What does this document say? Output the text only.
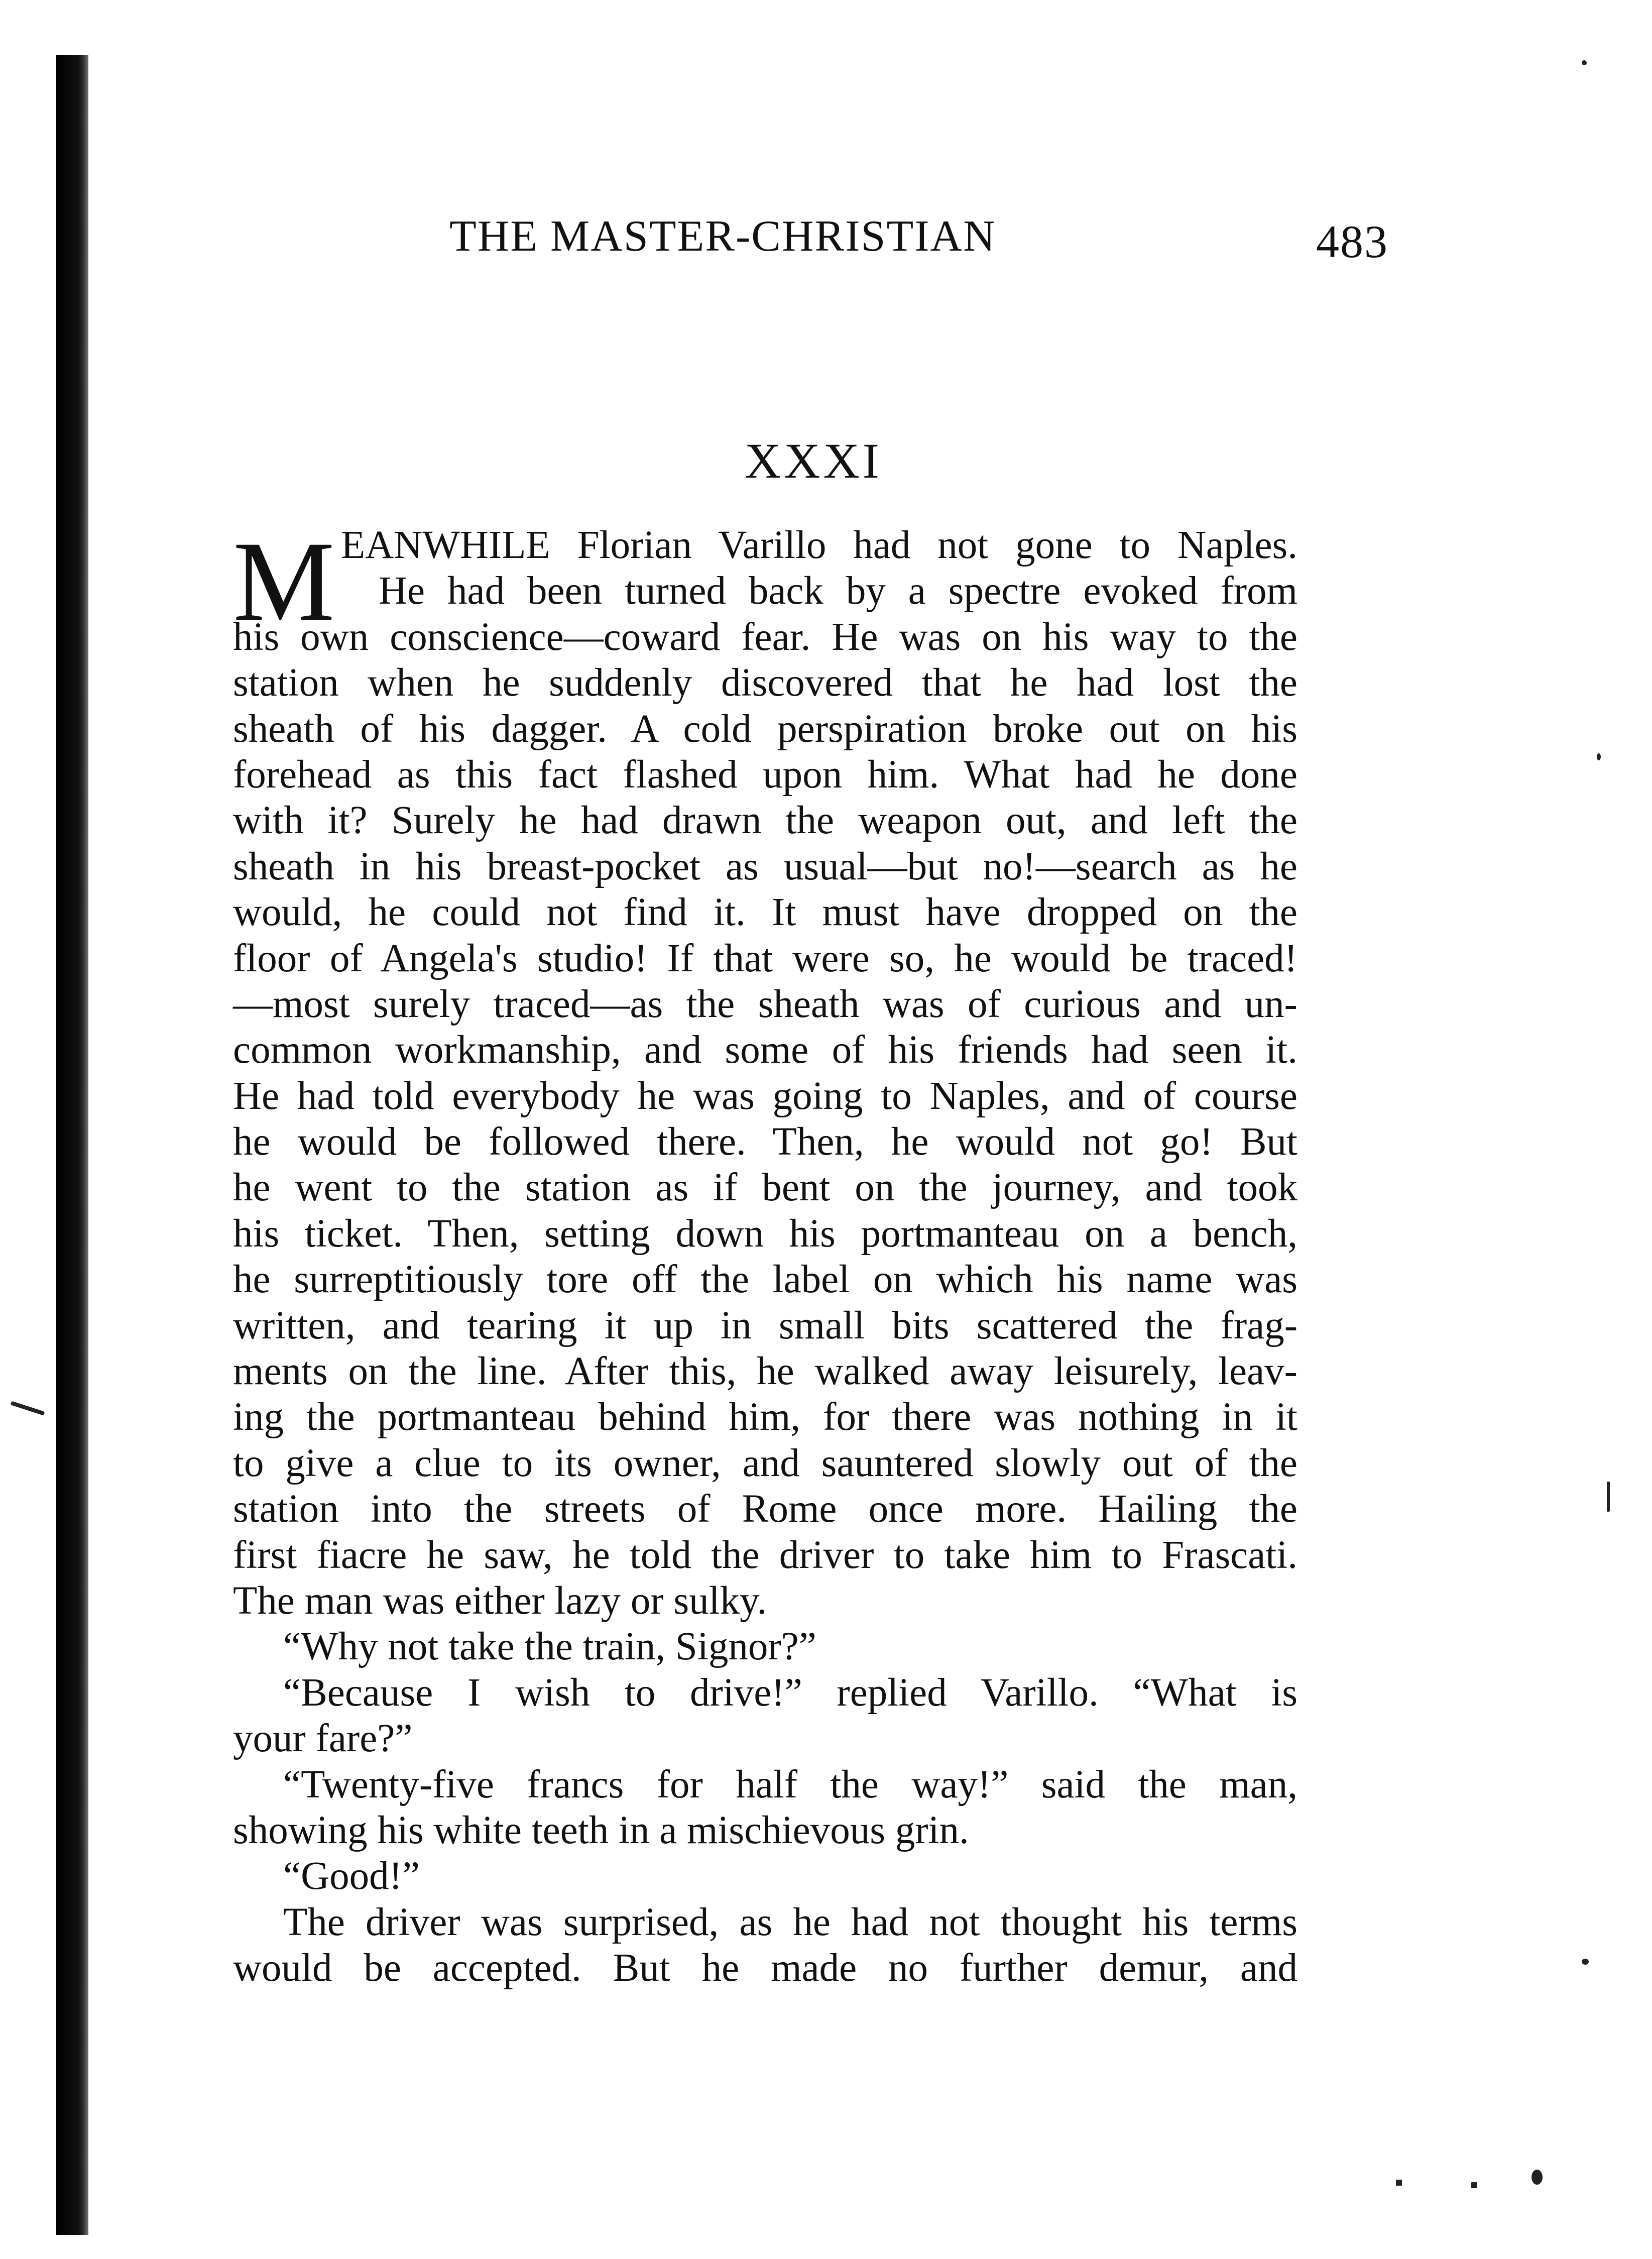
THE MASTER-CHRISTIAN	483
XXXI
M EANWHILE Florian Varillo had not gone to Naples.
He had been turned back by a spectre evoked from
his own conscience—coward fear. He was on his way to the
station when he suddenly discovered that he had lost the
sheath of his dagger. A cold perspiration broke out on his
forehead as this fact flashed upon him. What had he done
with it? Surely he had drawn the weapon out, and left the
sheath in his breast-pocket as usual—but no!—search as he
would, he could not find it. It must have dropped on the
floor of Angela's studio! If that were so, he would be traced!
—most surely traced—as the sheath was of curious and un-
common workmanship, and some of his friends had seen it.
He had told everybody he was going to Naples, and of course
he would be followed there. Then, he would not go! But
he went to the station as if bent on the journey, and took
his ticket. Then, setting down his portmanteau on a bench,
he surreptitiously tore off the label on which his name was
written, and tearing it up in small bits scattered the frag-
ments on the line. After this, he walked away leisurely, leav-
ing the portmanteau behind him, for there was nothing in it
to give a clue to its owner, and sauntered slowly out of the
station into the streets of Rome once more. Hailing the
first fiacre he saw, he told the driver to take him to Frascati.
The man was either lazy or sulky.
“Why not take the train, Signor?”
“Because I wish to drive!” replied Varillo. “What is
your fare?”
“Twenty-five francs for half the way!” said the man,
showing his white teeth in a mischievous grin.
“Good!”
The driver was surprised, as he had not thought his terms
would be accepted. But he made no further demur, and
